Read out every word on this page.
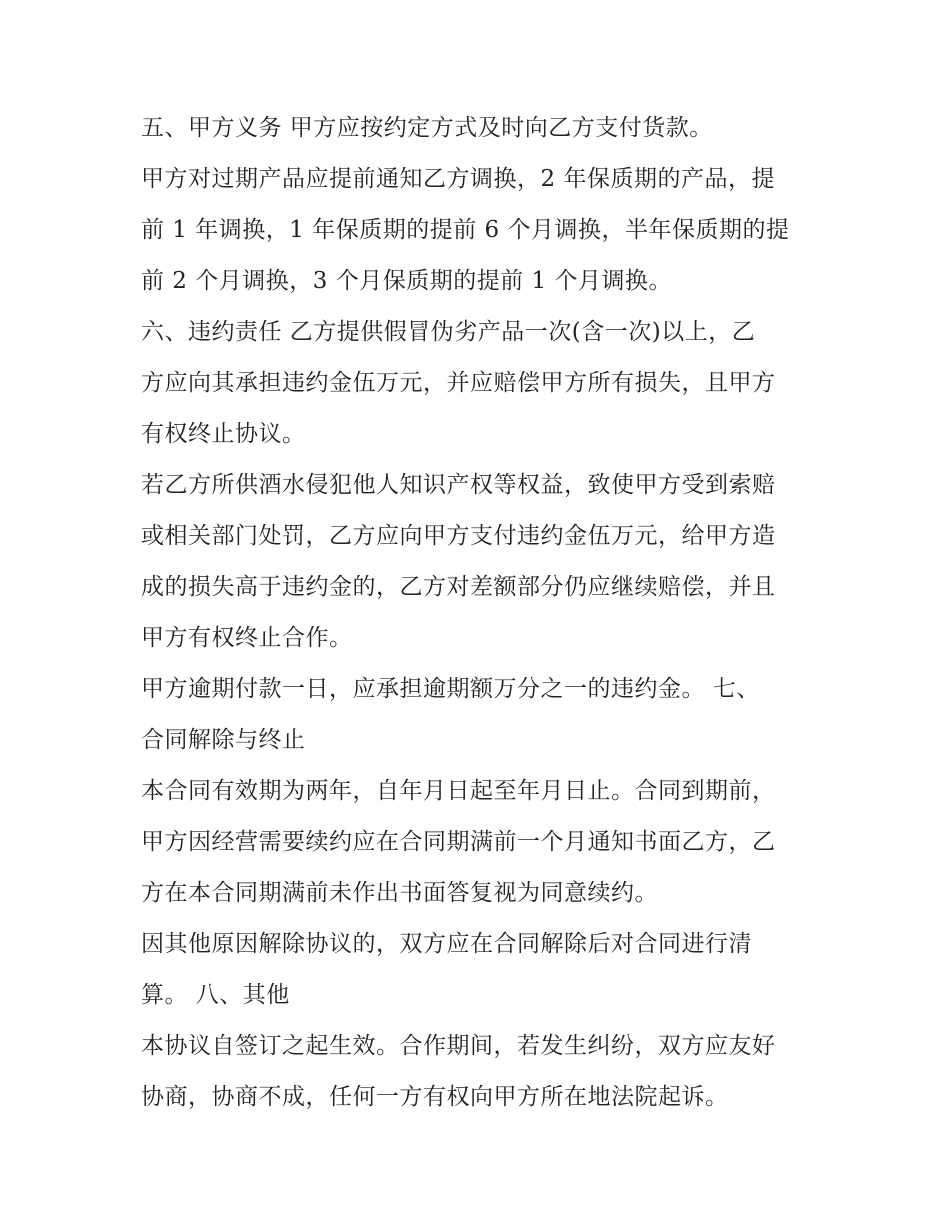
五、甲方义务 甲方应按约定方式及时向乙方支付货款。
甲方对过期产品应提前通知乙方调换，2 年保质期的产品，提
前 1 年调换，1 年保质期的提前 6 个月调换，半年保质期的提
前 2 个月调换，3 个月保质期的提前 1 个月调换。
六、违约责任 乙方提供假冒伪劣产品一次(含一次)以上，乙
方应向其承担违约金伍万元，并应赔偿甲方所有损失，且甲方
有权终止协议。
若乙方所供酒水侵犯他人知识产权等权益，致使甲方受到索赔
或相关部门处罚，乙方应向甲方支付违约金伍万元，给甲方造
成的损失高于违约金的，乙方对差额部分仍应继续赔偿，并且
甲方有权终止合作。
甲方逾期付款一日，应承担逾期额万分之一的违约金。 七、
合同解除与终止
本合同有效期为两年，自年月日起至年月日止。合同到期前，
甲方因经营需要续约应在合同期满前一个月通知书面乙方，乙
方在本合同期满前未作出书面答复视为同意续约。
因其他原因解除协议的，双方应在合同解除后对合同进行清
算。 八、其他
本协议自签订之起生效。合作期间，若发生纠纷，双方应友好
协商，协商不成，任何一方有权向甲方所在地法院起诉。
